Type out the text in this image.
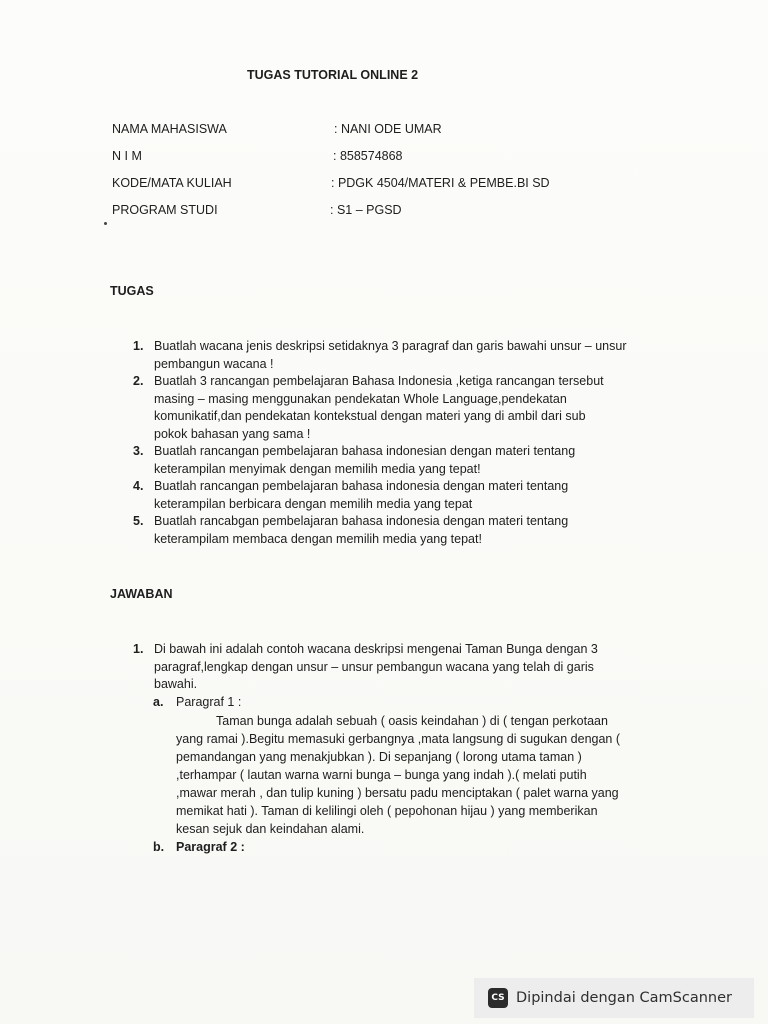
TUGAS TUTORIAL ONLINE 2
NAMA MAHASISWA	: NANI ODE UMAR
N I M	: 858574868
KODE/MATA KULIAH	: PDGK 4504/MATERI & PEMBE.BI SD
PROGRAM STUDI	: S1 – PGSD
TUGAS
1. Buatlah wacana jenis deskripsi setidaknya 3 paragraf dan garis bawahi unsur – unsur
pembangun wacana !
2. Buatlah 3 rancangan pembelajaran Bahasa Indonesia ,ketiga rancangan tersebut
masing – masing menggunakan pendekatan Whole Language,pendekatan
komunikatif,dan pendekatan kontekstual dengan materi yang di ambil dari sub
pokok bahasan yang sama !
3. Buatlah rancangan pembelajaran bahasa indonesian dengan materi tentang
keterampilan menyimak dengan memilih media yang tepat!
4. Buatlah rancangan pembelajaran bahasa indonesia dengan materi tentang
keterampilan berbicara dengan memilih media yang tepat
5. Buatlah rancabgan pembelajaran bahasa indonesia dengan materi tentang
keterampilam membaca dengan memilih media yang tepat!
JAWABAN
1. Di bawah ini adalah contoh wacana deskripsi mengenai Taman Bunga dengan 3
paragraf,lengkap dengan unsur – unsur pembangun wacana yang telah di garis
bawahi.
a. Paragraf 1 :
Taman bunga adalah sebuah ( oasis keindahan ) di ( tengan perkotaan
yang ramai ).Begitu memasuki gerbangnya ,mata langsung di sugukan dengan (
pemandangan yang menakjubkan ). Di sepanjang ( lorong utama taman )
,terhampar ( lautan warna warni bunga – bunga yang indah ).( melati putih
,mawar merah , dan tulip kuning ) bersatu padu menciptakan ( palet warna yang
memikat hati ). Taman di kelilingi oleh ( pepohonan hijau ) yang memberikan
kesan sejuk dan keindahan alami.
b. Paragraf 2 :
CS Dipindai dengan CamScanner
